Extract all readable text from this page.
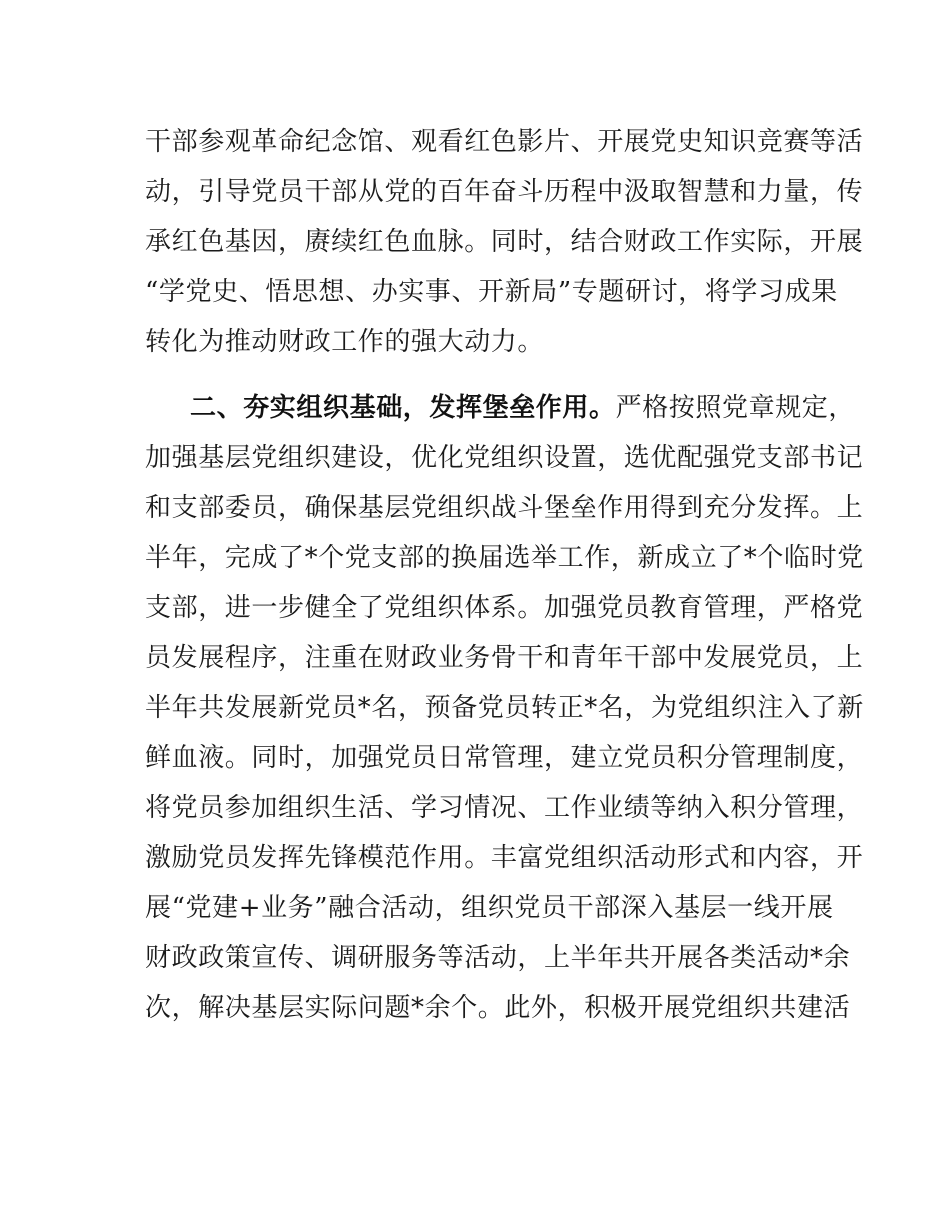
干部参观革命纪念馆、观看红色影片、开展党史知识竞赛等活
动，引导党员干部从党的百年奋斗历程中汲取智慧和力量，传
承红色基因，赓续红色血脉。同时，结合财政工作实际，开展
“学党史、悟思想、办实事、开新局”专题研讨，将学习成果
转化为推动财政工作的强大动力。
二、夯实组织基础，发挥堡垒作用。严格按照党章规定，
加强基层党组织建设，优化党组织设置，选优配强党支部书记
和支部委员，确保基层党组织战斗堡垒作用得到充分发挥。上
半年，完成了*个党支部的换届选举工作，新成立了*个临时党
支部，进一步健全了党组织体系。加强党员教育管理，严格党
员发展程序，注重在财政业务骨干和青年干部中发展党员，上
半年共发展新党员*名，预备党员转正*名，为党组织注入了新
鲜血液。同时，加强党员日常管理，建立党员积分管理制度，
将党员参加组织生活、学习情况、工作业绩等纳入积分管理，
激励党员发挥先锋模范作用。丰富党组织活动形式和内容，开
展“党建+业务”融合活动，组织党员干部深入基层一线开展
财政政策宣传、调研服务等活动，上半年共开展各类活动*余
次，解决基层实际问题*余个。此外，积极开展党组织共建活
